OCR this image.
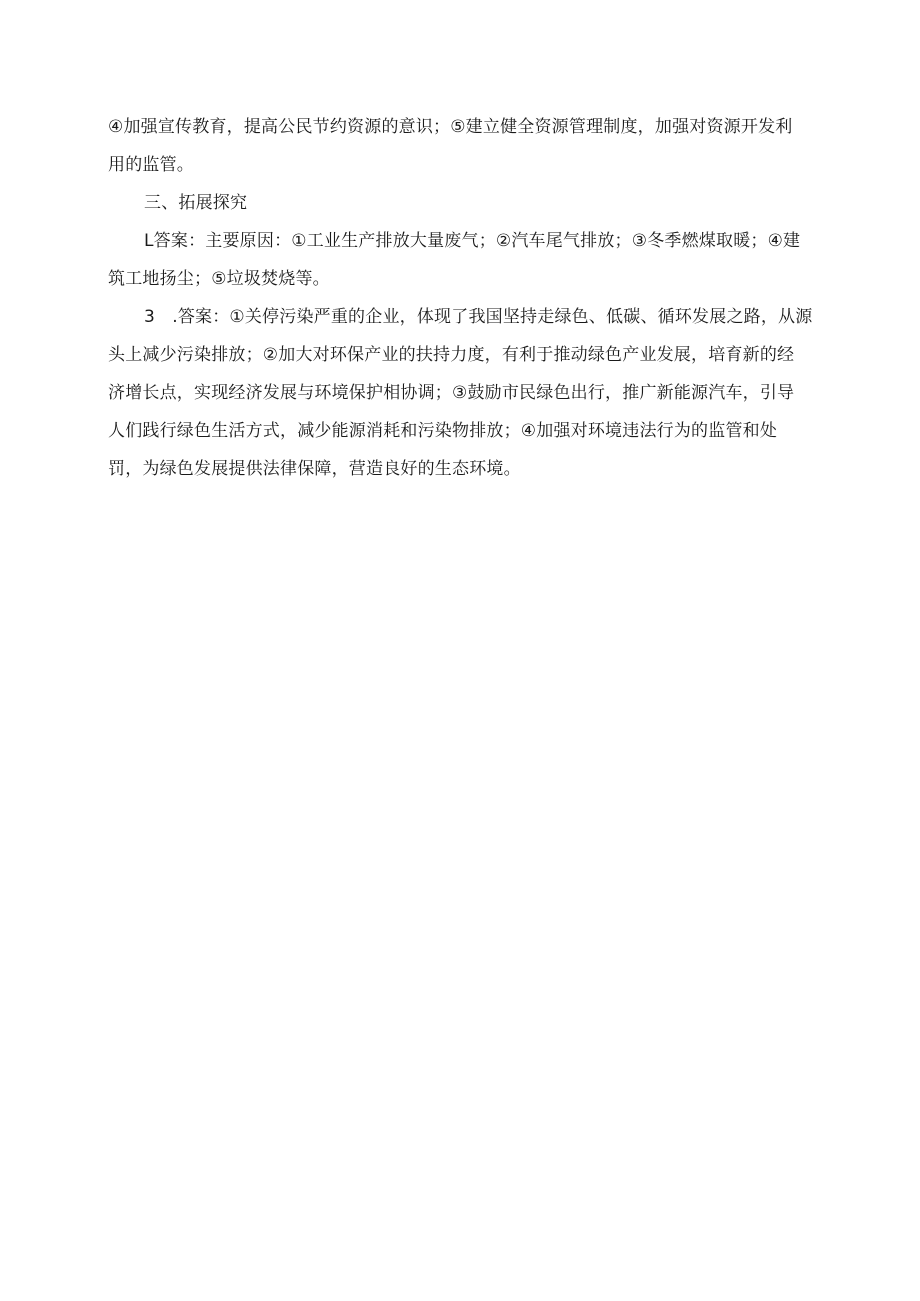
④加强宣传教育，提高公民节约资源的意识；⑤建立健全资源管理制度，加强对资源开发利
用的监管。
三、拓展探究
L答案：主要原因：①工业生产排放大量废气；②汽车尾气排放；③冬季燃煤取暖；④建
筑工地扬尘；⑤垃圾焚烧等。
3　.答案：①关停污染严重的企业，体现了我国坚持走绿色、低碳、循环发展之路，从源
头上减少污染排放；②加大对环保产业的扶持力度，有利于推动绿色产业发展，培育新的经
济增长点，实现经济发展与环境保护相协调；③鼓励市民绿色出行，推广新能源汽车，引导
人们践行绿色生活方式，减少能源消耗和污染物排放；④加强对环境违法行为的监管和处
罚，为绿色发展提供法律保障，营造良好的生态环境。
